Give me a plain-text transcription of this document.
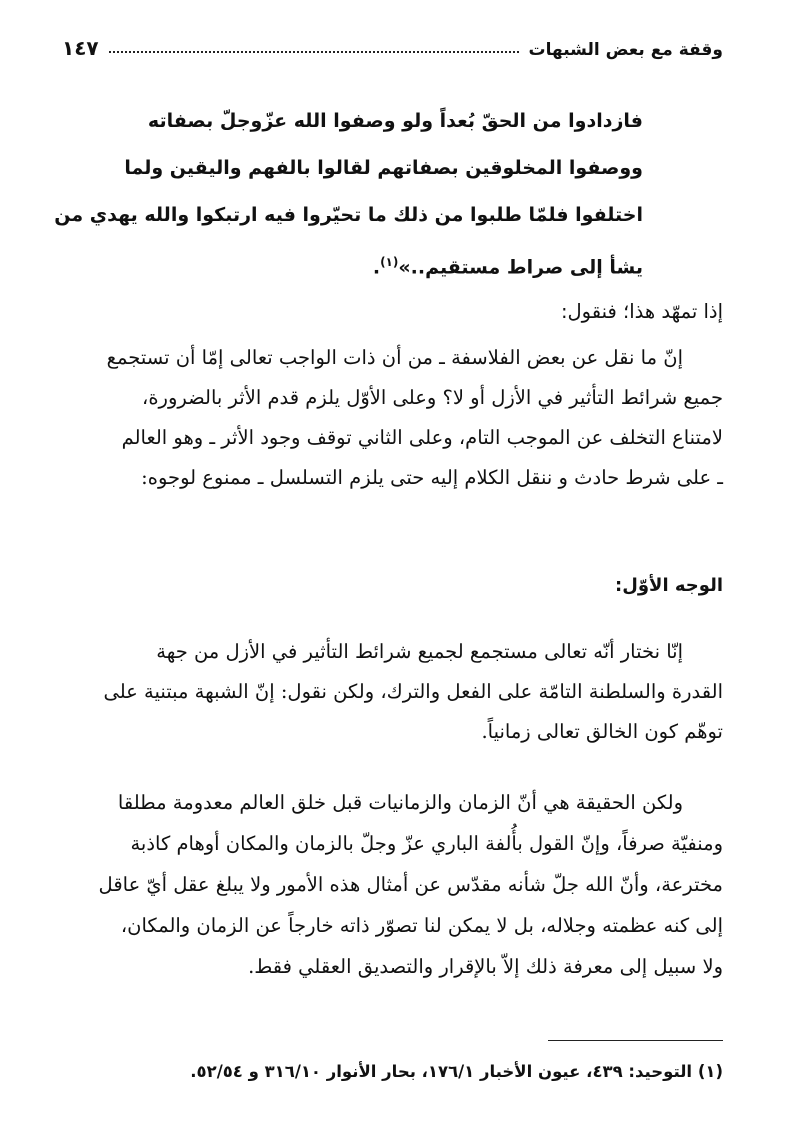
وقفة مع بعض الشبهات
١٤٧
فازدادوا من الحقّ بُعداً ولو وصفوا الله عزّوجلّ بصفاته
ووصفوا المخلوقين بصفاتهم لقالوا بالفهم واليقين ولما
اختلفوا فلمّا طلبوا من ذلك ما تحيّروا فيه ارتبكوا والله يهدي من
يشأ إلى صراط مستقيم..»$^{(١)}$.
إذا تمهّد هذا؛ فنقول:
إنّ ما نقل عن بعض الفلاسفة ـ من أن ذات الواجب تعالى إمّا أن تستجمع
جميع شرائط التأثير في الأزل أو لا؟ وعلى الأوّل يلزم قدم الأثر بالضرورة،
لامتناع التخلف عن الموجب التام، وعلى الثاني توقف وجود الأثر ـ وهو العالم
ـ على شرط حادث و ننقل الكلام إليه حتى يلزم التسلسل ـ ممنوع لوجوه:
الوجه الأوّل:
إنّا نختار أنّه تعالى مستجمع لجميع شرائط التأثير في الأزل من جهة
القدرة والسلطنة التامّة على الفعل والترك، ولكن نقول: إنّ الشبهة مبتنية على
توهّم كون الخالق تعالى زمانياً.
ولكن الحقيقة هي أنّ الزمان والزمانيات قبل خلق العالم معدومة مطلقا
ومنفيّة صرفاً، وإنّ القول بأُلفة الباري عزّ وجلّ بالزمان والمكان أوهام كاذبة
مخترعة، وأنّ الله جلّ شأنه مقدّس عن أمثال هذه الأمور ولا يبلغ عقل أيّ عاقل
إلى كنه عظمته وجلاله، بل لا يمكن لنا تصوّر ذاته خارجاً عن الزمان والمكان،
ولا سبيل إلى معرفة ذلك إلاّ بالإقرار والتصديق العقلي فقط.
(١) التوحيد: ٤٣٩، عيون الأخبار ١٧٦/١، بحار الأنوار ٣١٦/١٠ و ٥٢/٥٤.
